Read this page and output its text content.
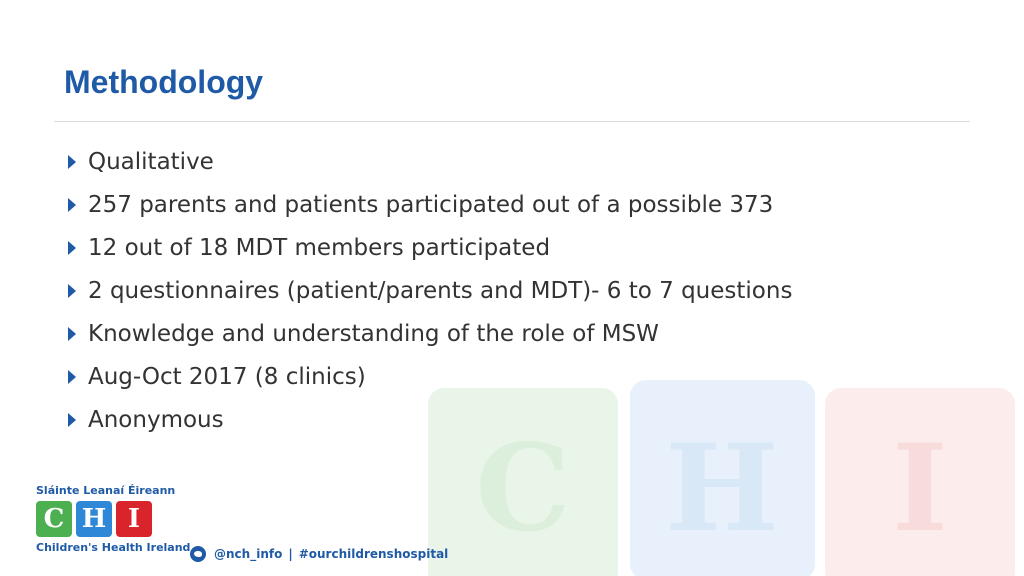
C H I
Methodology
Qualitative
257 parents and patients participated out of a possible 373
12 out of 18 MDT members participated
2 questionnaires (patient/parents and MDT)- 6 to 7 questions
Knowledge and understanding of the role of MSW
Aug-Oct 2017 (8 clinics)
Anonymous
Sláinte Leanaí Éireann
C H I
Children's Health Ireland @nch_info | #ourchildrenshospital
